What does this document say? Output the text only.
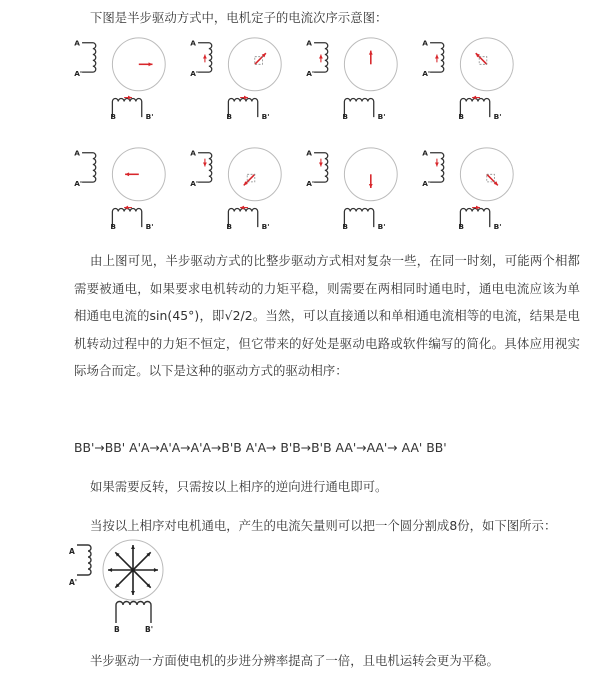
下图是半步驱动方式中，电机定子的电流次序示意图：
A
A'
B	B'
A
A'
B	B'
A
A'
B	B'
A
A'
B	B'
A
A'
B	B'
A
A'
B	B'
A
A'
B	B'
A
A'
B	B'
由上图可见，半步驱动方式的比整步驱动方式相对复杂一些，在同一时刻，可能两个相都需要被通电，如果要求电机转动的力矩平稳，则需要在两相同时通电时，通电电流应该为单相通电电流的sin(45°)，即√2/2。当然，可以直接通以和单相通电流相等的电流，结果是电机转动过程中的力矩不恒定，但它带来的好处是驱动电路或软件编写的简化。具体应用视实际场合而定。以下是这种的驱动方式的驱动相序：
BB'→BB' A'A→A'A→A'A→B'B A'A→ B'B→B'B AA'→AA'→ AA' BB'
如果需要反转，只需按以上相序的逆向进行通电即可。
当按以上相序对电机通电，产生的电流矢量则可以把一个圆分割成8份，如下图所示：
A
A'
B	B'
半步驱动一方面使电机的步进分辨率提高了一倍，且电机运转会更为平稳。
